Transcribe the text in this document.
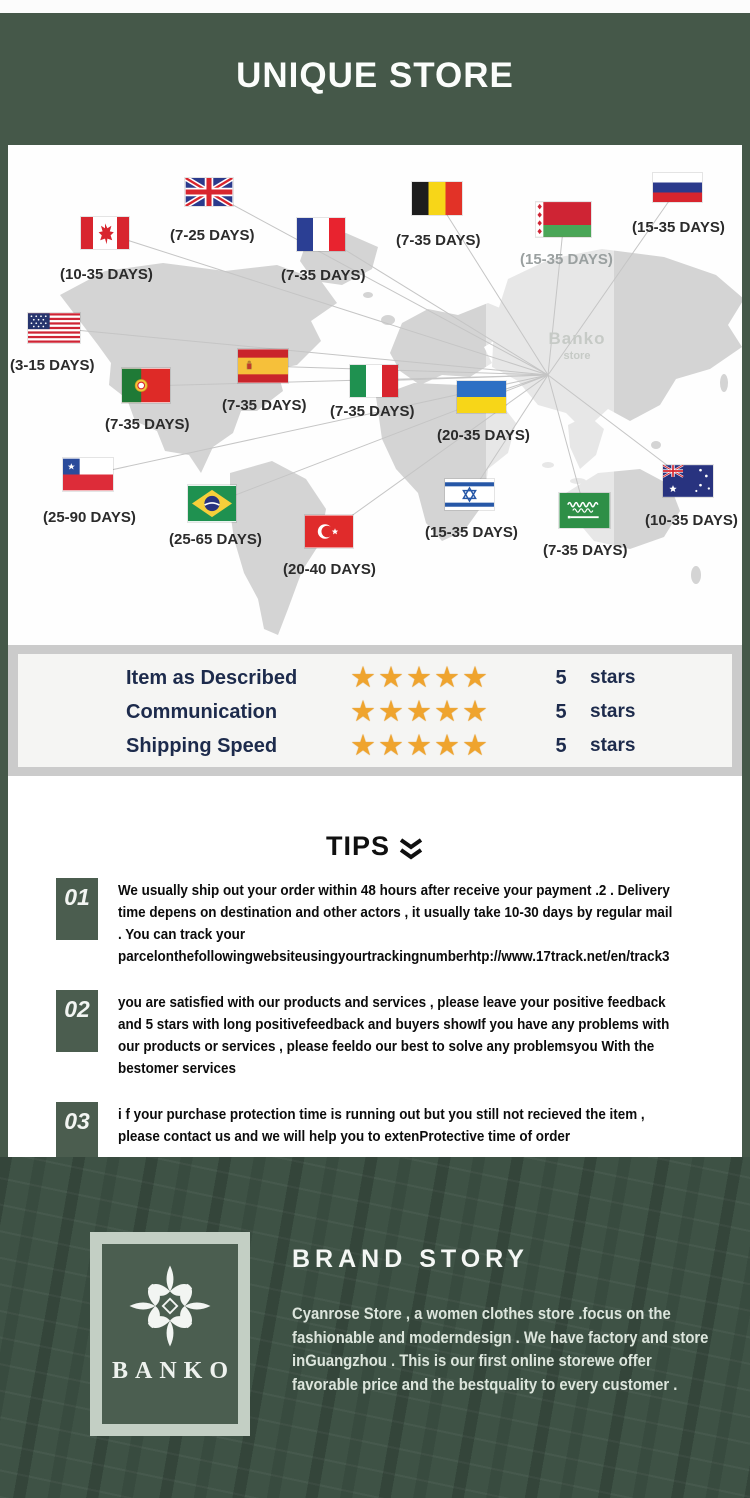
UNIQUE STORE
Banko
store
(7-25 DAYS)
(10-35 DAYS)	(7-35 DAYS)
(3-15 DAYS)
(7-35 DAYS)
(15-35 DAYS)
(15-35 DAYS)
(7-35 DAYS)
(7-35 DAYS)
(7-35 DAYS)
(20-35 DAYS)
(25-90 DAYS)
(25-65 DAYS)
(20-40 DAYS)
(15-35 DAYS)
(7-35 DAYS)
(10-35 DAYS)
Item as Described	★★★★★	5	stars
Communication	★★★★★	5	stars
Shipping Speed	★★★★★	5	stars
TIPS
01	We usually ship out your order within 48 hours after receive your payment .2 . Delivery time depens on destination and other actors , it usually take 10-30 days by regular mail . You can track your parcelonthefollowingwebsiteusingyourtrackingnumberhtp://www.17track.net/en/track3
02	you are satisfied with our products and services , please leave your positive feedback and 5 stars with long positivefeedback and buyers showIf you have any problems with our products or services , please feeldo our best to solve any problemsyou With the bestomer services
03	i f your purchase protection time is running out but you still not recieved the item , please contact us and we will help you to extenProtective time of order
BANKO
BRAND STORY
Cyanrose Store , a women clothes store .focus on the fashionable and moderndesign . We have factory and store inGuangzhou . This is our first online storewe offer favorable price and the bestquality to every customer .
